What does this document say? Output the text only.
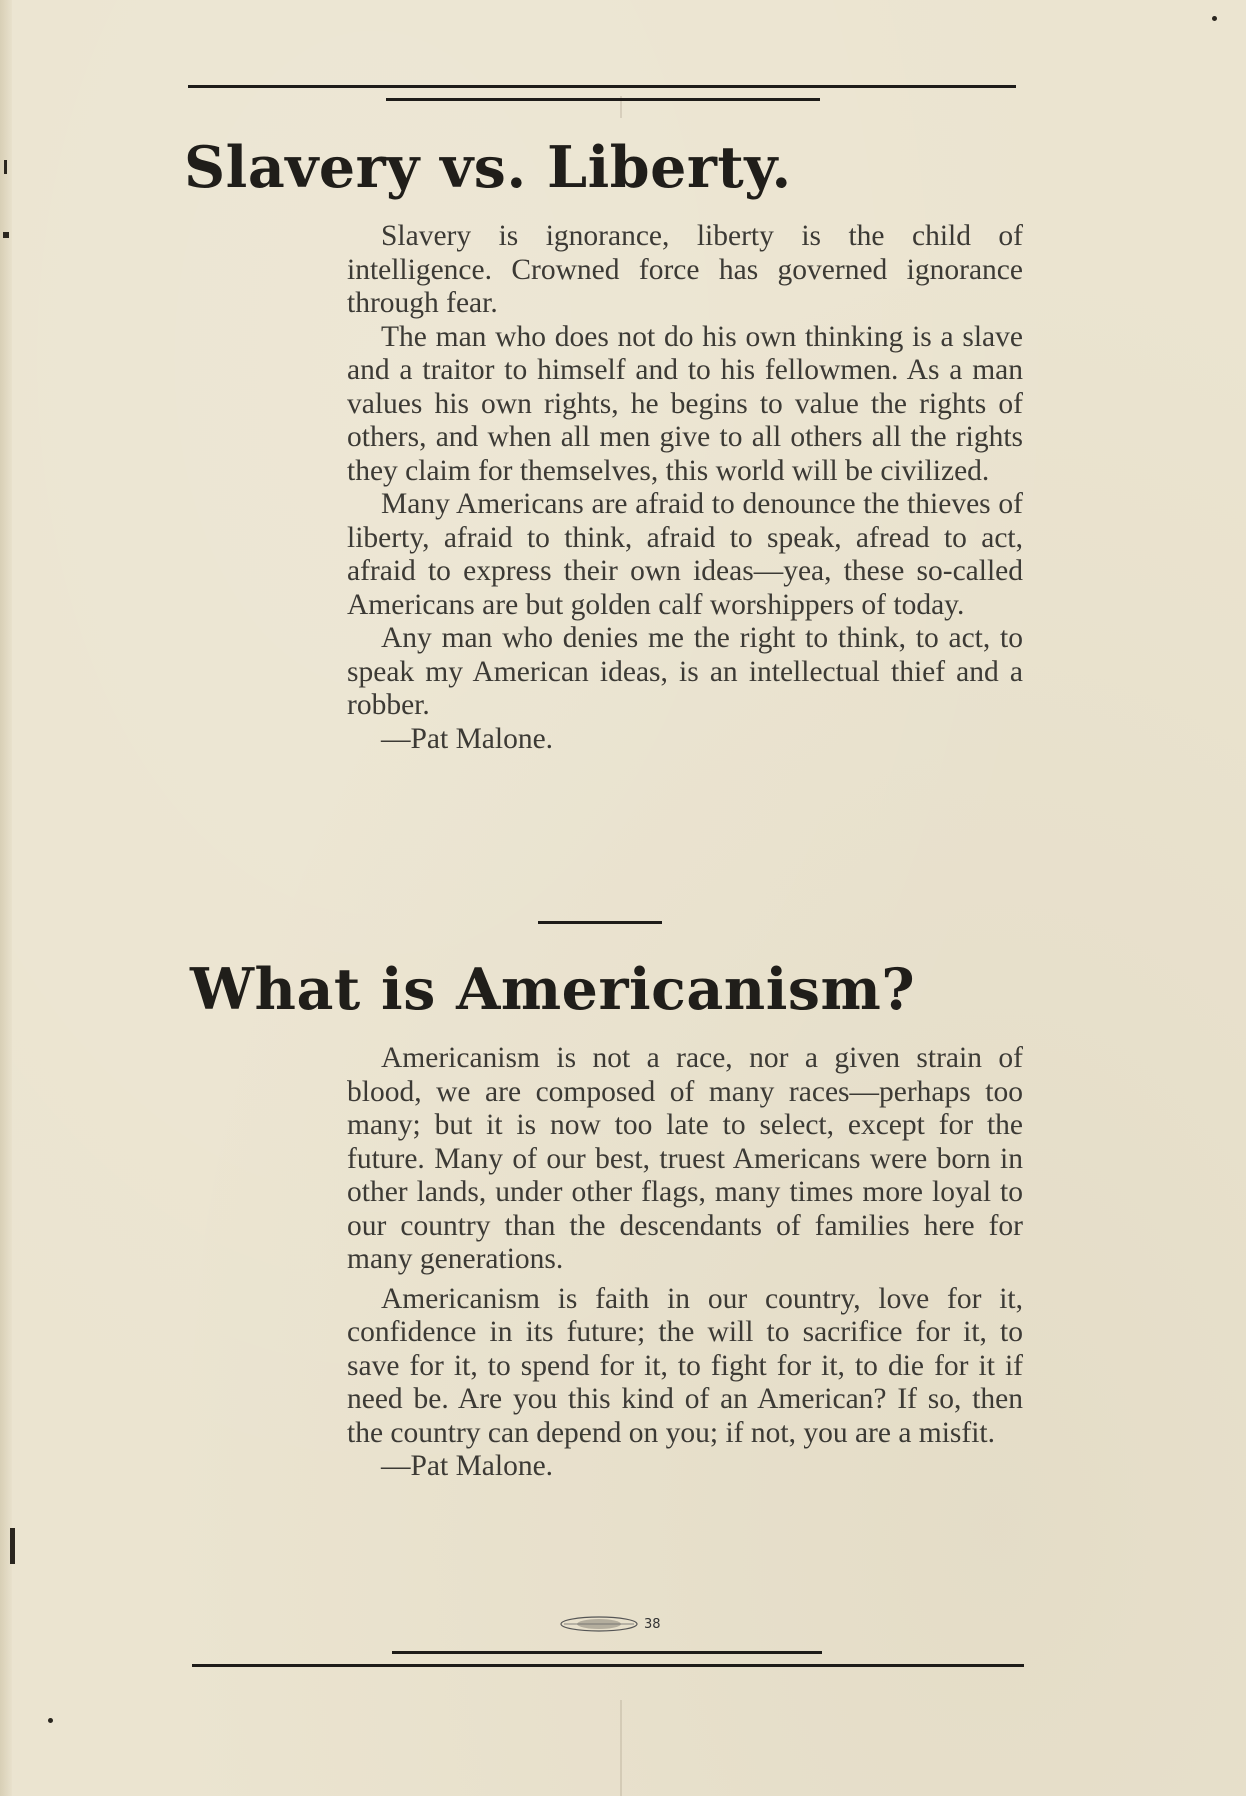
Slavery vs. Liberty.

Slavery is ignorance, liberty is the child of intelligence. Crowned force has governed ignorance through fear.

The man who does not do his own thinking is a slave and a traitor to himself and to his fellowmen. As a man values his own rights, he begins to value the rights of others, and when all men give to all others all the rights they claim for themselves, this world will be civilized.

Many Americans are afraid to denounce the thieves of liberty, afraid to think, afraid to speak, afread to act, afraid to express their own ideas—yea, these so-called Americans are but golden calf worshippers of today.

Any man who denies me the right to think, to act, to speak my American ideas, is an intellectual thief and a robber.

—Pat Malone.

What is Americanism?

Americanism is not a race, nor a given strain of blood, we are composed of many races—perhaps too many; but it is now too late to select, except for the future. Many of our best, truest Americans were born in other lands, under other flags, many times more loyal to our country than the descendants of families here for many generations.

Americanism is faith in our country, love for it, confidence in its future; the will to sacrifice for it, to save for it, to spend for it, to fight for it, to die for it if need be. Are you this kind of an American? If so, then the country can depend on you; if not, you are a misfit.

—Pat Malone.

38
